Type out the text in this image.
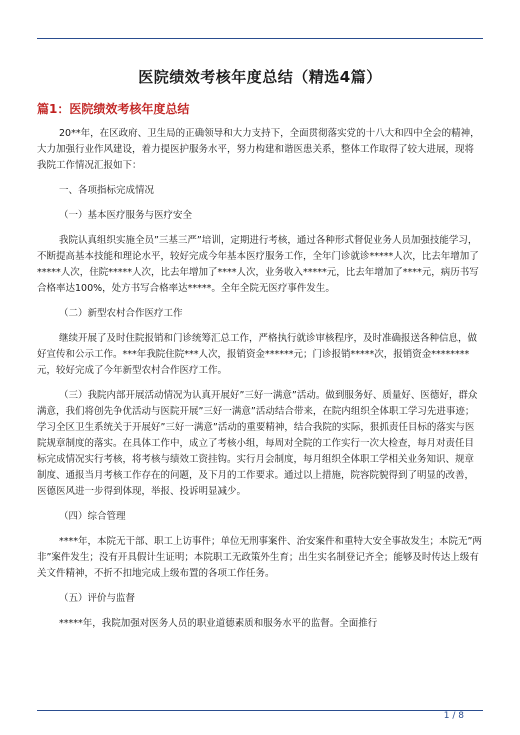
医院绩效考核年度总结（精选4篇）
篇1：医院绩效考核年度总结

20**年，在区政府、卫生局的正确领导和大力支持下，全面贯彻落实党的十八大和四中全会的精神，大力加强行业作风建设，着力提医护服务水平，努力构建和谐医患关系，整体工作取得了较大进展，现将我院工作情况汇报如下：

一、各项指标完成情况

（一）基本医疗服务与医疗安全

我院认真组织实施全员”三基三严”培训，定期进行考核，通过各种形式督促业务人员加强技能学习，不断提高基本技能和理论水平，较好完成今年基本医疗服务工作，全年门诊就诊*****人次，比去年增加了*****人次，住院*****人次，比去年增加了****人次，业务收入*****元，比去年增加了****元，病历书写合格率达100%，处方书写合格率达*****。全年全院无医疗事件发生。

（二）新型农村合作医疗工作

继续开展了及时住院报销和门诊统筹汇总工作，严格执行就诊审核程序，及时准确报送各种信息，做好宣传和公示工作。***年我院住院***人次，报销资金******元；门诊报销*****次，报销资金********元，较好完成了今年新型农村合作医疗工作。

（三）我院内部开展活动情况为认真开展好”三好一满意”活动。做到服务好、质量好、医德好，群众满意，我们将创先争优活动与医院开展”三好一满意”活动结合带来，在院内组织全体职工学习先进事迹；学习全区卫生系统关于开展好”三好一满意”活动的重要精神，结合我院的实际，狠抓责任目标的落实与医院规章制度的落实。在具体工作中，成立了考核小组，每周对全院的工作实行一次大检查，每月对责任目标完成情况实行考核，将考核与绩效工资挂钩。实行月会制度，每月组织全体职工学相关业务知识、规章制度、通报当月考核工作存在的问题，及下月的工作要求。通过以上措施，院容院貌得到了明显的改善，医德医风进一步得到体现，举报、投诉明显减少。

（四）综合管理

****年，本院无干部、职工上访事件；单位无刑事案件、治安案件和重特大安全事故发生；本院无”两非”案件发生；没有开具假计生证明；本院职工无政策外生育；出生实名制登记齐全；能够及时传达上级有关文件精神，不折不扣地完成上级布置的各项工作任务。

（五）评价与监督

*****年，我院加强对医务人员的职业道德素质和服务水平的监督。全面推行

1 / 8
